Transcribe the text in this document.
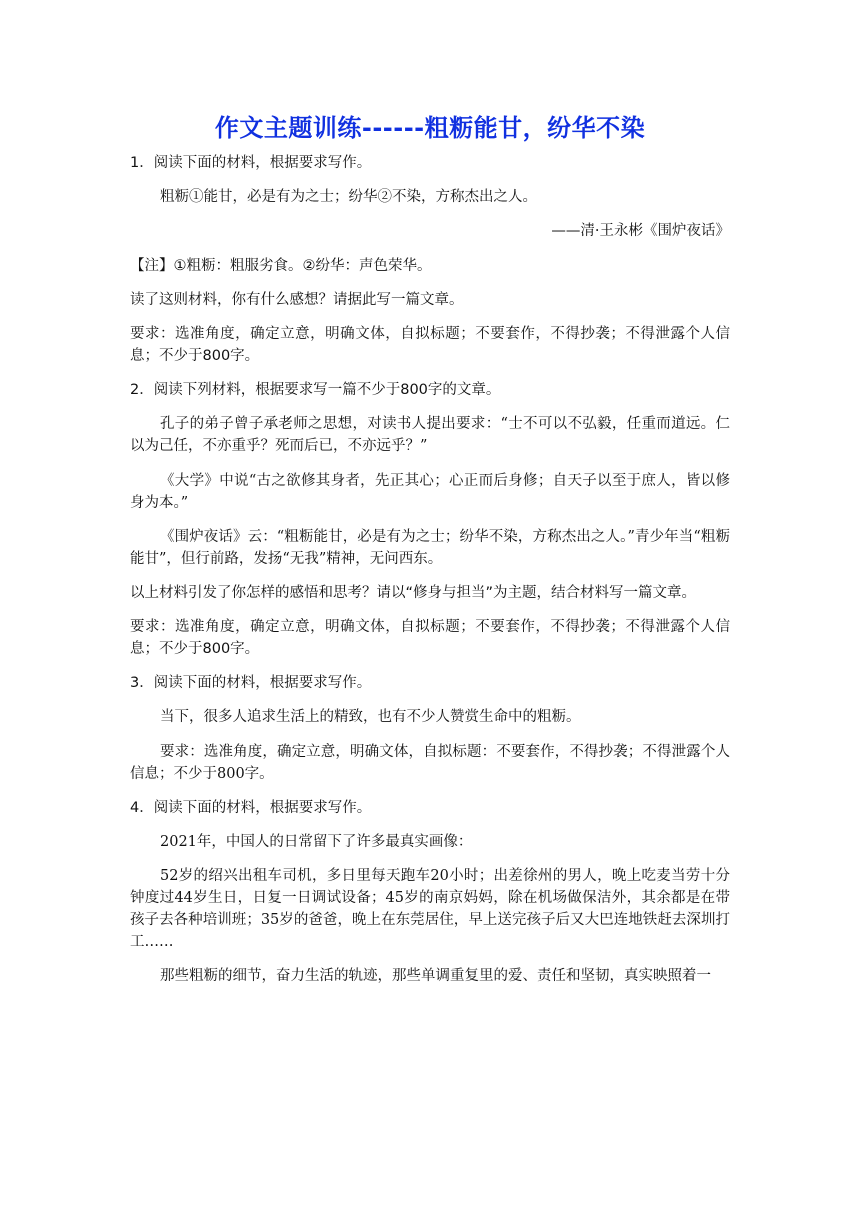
作文主题训练------粗粝能甘，纷华不染

1．阅读下面的材料，根据要求写作。

粗粝①能甘，必是有为之士；纷华②不染，方称杰出之人。

——清·王永彬《围炉夜话》

【注】①粗粝：粗服劣食。②纷华：声色荣华。

读了这则材料，你有什么感想？请据此写一篇文章。

要求：选准角度，确定立意，明确文体，自拟标题；不要套作，不得抄袭；不得泄露个人信息；不少于800字。

2．阅读下列材料，根据要求写一篇不少于800字的文章。

孔子的弟子曾子承老师之思想，对读书人提出要求：“士不可以不弘毅，任重而道远。仁以为己任，不亦重乎？死而后已，不亦远乎？”

《大学》中说“古之欲修其身者，先正其心；心正而后身修；自天子以至于庶人，皆以修身为本。”

《围炉夜话》云：“粗粝能甘，必是有为之士；纷华不染，方称杰出之人。”青少年当“粗粝能甘”，但行前路，发扬“无我”精神，无问西东。

以上材料引发了你怎样的感悟和思考？请以“修身与担当”为主题，结合材料写一篇文章。

要求：选准角度，确定立意，明确文体，自拟标题；不要套作，不得抄袭；不得泄露个人信息；不少于800字。

3．阅读下面的材料，根据要求写作。

当下，很多人追求生活上的精致，也有不少人赞赏生命中的粗粝。

要求：选准角度，确定立意，明确文体，自拟标题：不要套作，不得抄袭；不得泄露个人信息；不少于800字。

4．阅读下面的材料，根据要求写作。

2021年，中国人的日常留下了许多最真实画像：

52岁的绍兴出租车司机，多日里每天跑车20小时；出差徐州的男人，晚上吃麦当劳十分钟度过44岁生日，日复一日调试设备；45岁的南京妈妈，除在机场做保洁外，其余都是在带孩子去各种培训班；35岁的爸爸，晚上在东莞居住，早上送完孩子后又大巴连地铁赶去深圳打工……

那些粗粝的细节，奋力生活的轨迹，那些单调重复里的爱、责任和坚韧，真实映照着一
